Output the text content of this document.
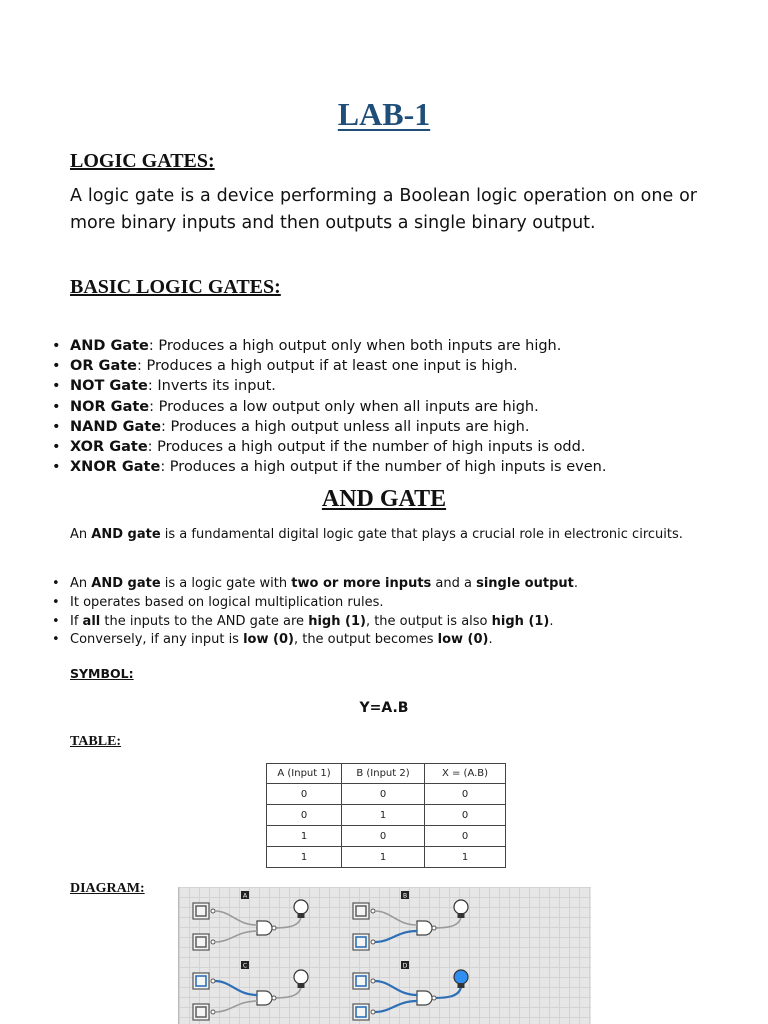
LAB-1
LOGIC GATES:

A logic gate is a device performing a Boolean logic operation on one or more binary inputs and then outputs a single binary output.

BASIC LOGIC GATES:
• AND Gate: Produces a high output only when both inputs are high.
• OR Gate: Produces a high output if at least one input is high.
• NOT Gate: Inverts its input.
• NOR Gate: Produces a low output only when all inputs are high.
• NAND Gate: Produces a high output unless all inputs are high.
• XOR Gate: Produces a high output if the number of high inputs is odd.
• XNOR Gate: Produces a high output if the number of high inputs is even.
AND GATE

An AND gate is a fundamental digital logic gate that plays a crucial role in electronic circuits.

• An AND gate is a logic gate with two or more inputs and a single output.
• It operates based on logical multiplication rules.
• If all the inputs to the AND gate are high (1), the output is also high (1).
• Conversely, if any input is low (0), the output becomes low (0).
SYMBOL:
Y=A.B
TABLE:
A (Input 1)	B (Input 2)	X = (A.B)
0	0	0
0	1	0
1	0	0
1	1	1
DIAGRAM:	A	B
C	D
